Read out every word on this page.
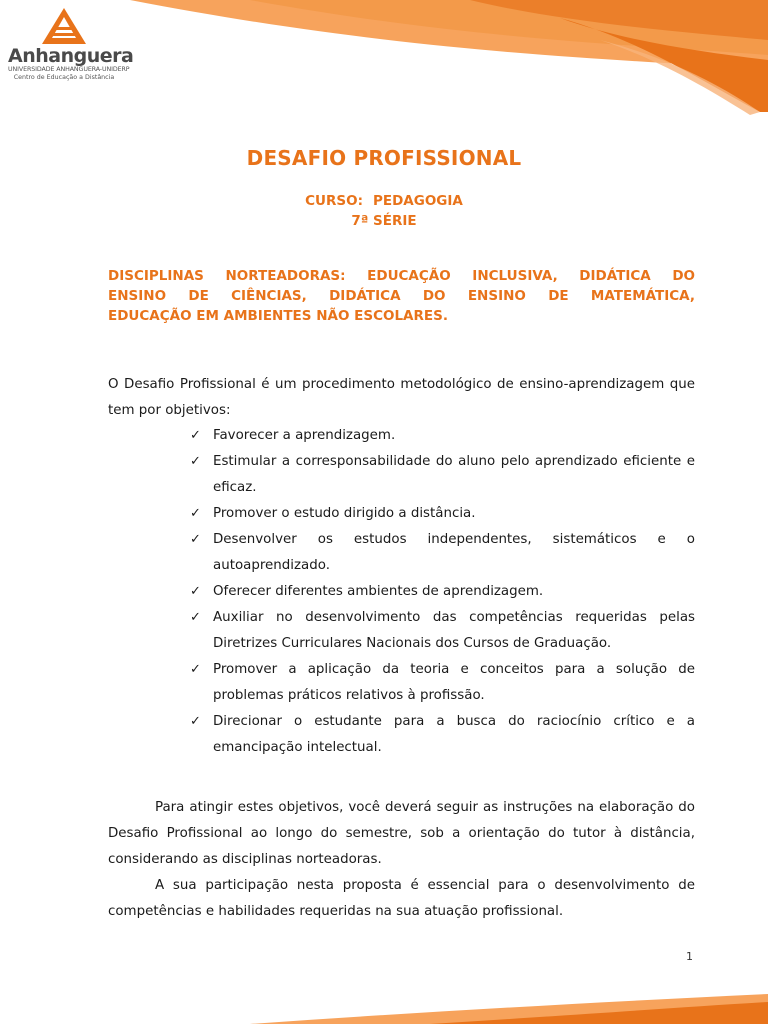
Anhanguera
UNIVERSIDADE ANHANGUERA-UNIDERP
Centro de Educação a Distância
DESAFIO PROFISSIONAL
CURSO: PEDAGOGIA
7ª SÉRIE
DISCIPLINAS NORTEADORAS: EDUCAÇÃO INCLUSIVA, DIDÁTICA DO
ENSINO DE CIÊNCIAS, DIDÁTICA DO ENSINO DE MATEMÁTICA,
EDUCAÇÃO EM AMBIENTES NÃO ESCOLARES.
O Desafio Profissional é um procedimento metodológico de ensino-aprendizagem que tem por objetivos:
✓ Favorecer a aprendizagem.
✓ Estimular a corresponsabilidade do aluno pelo aprendizado eficiente e eficaz.
✓ Promover o estudo dirigido a distância.
✓ Desenvolver os estudos independentes, sistemáticos e o autoaprendizado.
✓ Oferecer diferentes ambientes de aprendizagem.
✓ Auxiliar no desenvolvimento das competências requeridas pelas Diretrizes Curriculares Nacionais dos Cursos de Graduação.
✓ Promover a aplicação da teoria e conceitos para a solução de problemas práticos relativos à profissão.
✓ Direcionar o estudante para a busca do raciocínio crítico e a emancipação intelectual.

Para atingir estes objetivos, você deverá seguir as instruções na elaboração do Desafio Profissional ao longo do semestre, sob a orientação do tutor à distância, considerando as disciplinas norteadoras.

A sua participação nesta proposta é essencial para o desenvolvimento de competências e habilidades requeridas na sua atuação profissional.

1
